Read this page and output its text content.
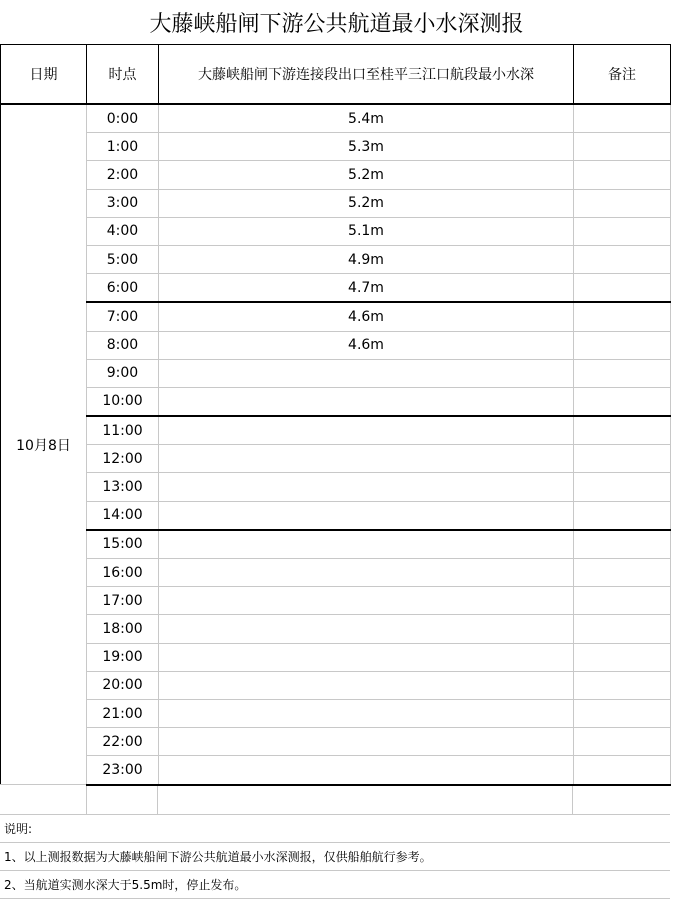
大藤峡船闸下游公共航道最小水深测报
日期	时点	大藤峡船闸下游连接段出口至桂平三江口航段最小水深	备注
10月8日	0:00	5.4m	
	1:00	5.3m	
	2:00	5.2m	
	3:00	5.2m	
	4:00	5.1m	
	5:00	4.9m	
	6:00	4.7m	
	7:00	4.6m	
	8:00	4.6m	
	9:00		
	10:00		
	11:00		
	12:00		
	13:00		
	14:00		
	15:00		
	16:00		
	17:00		
	18:00		
	19:00		
	20:00		
	21:00		
	22:00		
	23:00		
说明:
1、以上测报数据为大藤峡船闸下游公共航道最小水深测报，仅供船舶航行参考。
2、当航道实测水深大于5.5m时，停止发布。
